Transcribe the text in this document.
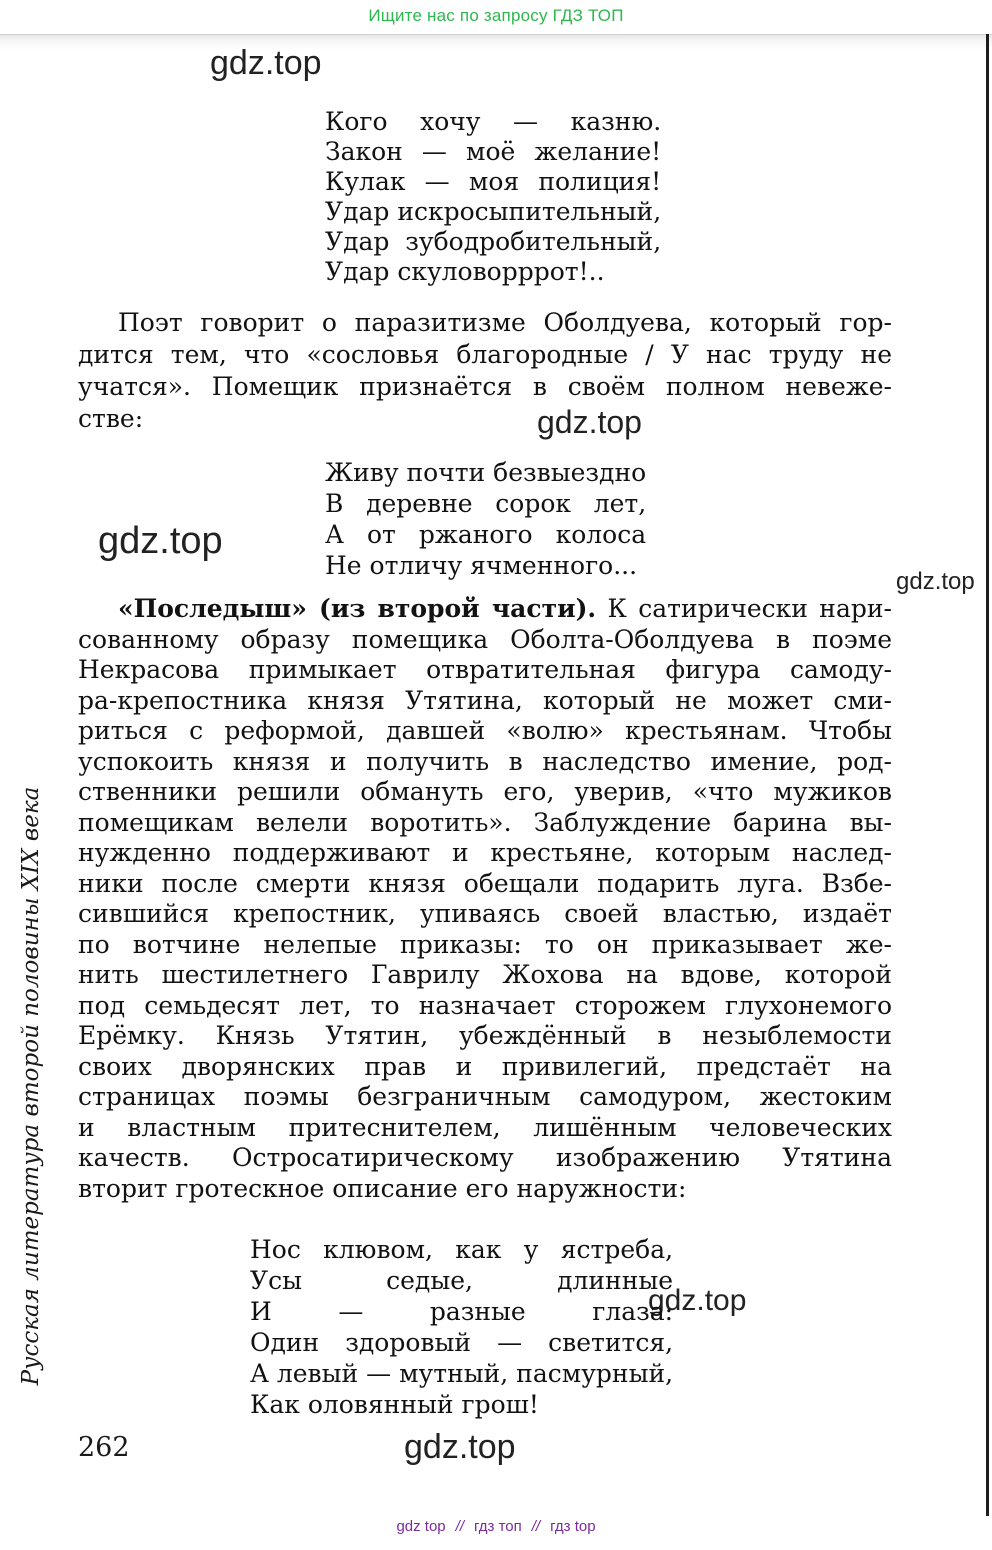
Ищите нас по запросу ГДЗ ТОП
gdz.top
gdz.top
gdz.top
gdz.top
gdz.top
gdz.top
Кого хочу — казню.
Закон — моё желание!
Кулак — моя полиция!
Удар искросыпительный,
Удар зубодробительный,
Удар скуловорррот!..
Поэт говорит о паразитизме Оболдуева, который гор-
дится тем, что «сословья благородные / У нас труду не
учатся». Помещик признаётся в своём полном невеже-
стве:
Живу почти безвыездно
В деревне сорок лет,
А от ржаного колоса
Не отличу ячменного...
«Последыш» (из второй части). К сатирически нари-
сованному образу помещика Оболта-Оболдуева в поэме
Некрасова примыкает отвратительная фигура самоду-
ра-крепостника князя Утятина, который не может сми-
риться с реформой, давшей «волю» крестьянам. Чтобы
успокоить князя и получить в наследство имение, род-
ственники решили обмануть его, уверив, «что мужиков
помещикам велели воротить». Заблуждение барина вы-
нужденно поддерживают и крестьяне, которым наслед-
ники после смерти князя обещали подарить луга. Взбе-
сившийся крепостник, упиваясь своей властью, издаёт
по вотчине нелепые приказы: то он приказывает же-
нить шестилетнего Гаврилу Жохова на вдове, которой
под семьдесят лет, то назначает сторожем глухонемого
Ерёмку. Князь Утятин, убеждённый в незыблемости
своих дворянских прав и привилегий, предстаёт на
страницах поэмы безграничным самодуром, жестоким
и властным притеснителем, лишённым человеческих
качеств. Остросатирическому изображению Утятина
вторит гротескное описание его наружности:
Нос клювом, как у ястреба,
Усы седые, длинные
И — разные глаза:
Один здоровый — светится,
А левый — мутный, пасмурный,
Как оловянный грош!
Русская литература второй половины XIX века
262
gdz top // гдз топ // гдз top
